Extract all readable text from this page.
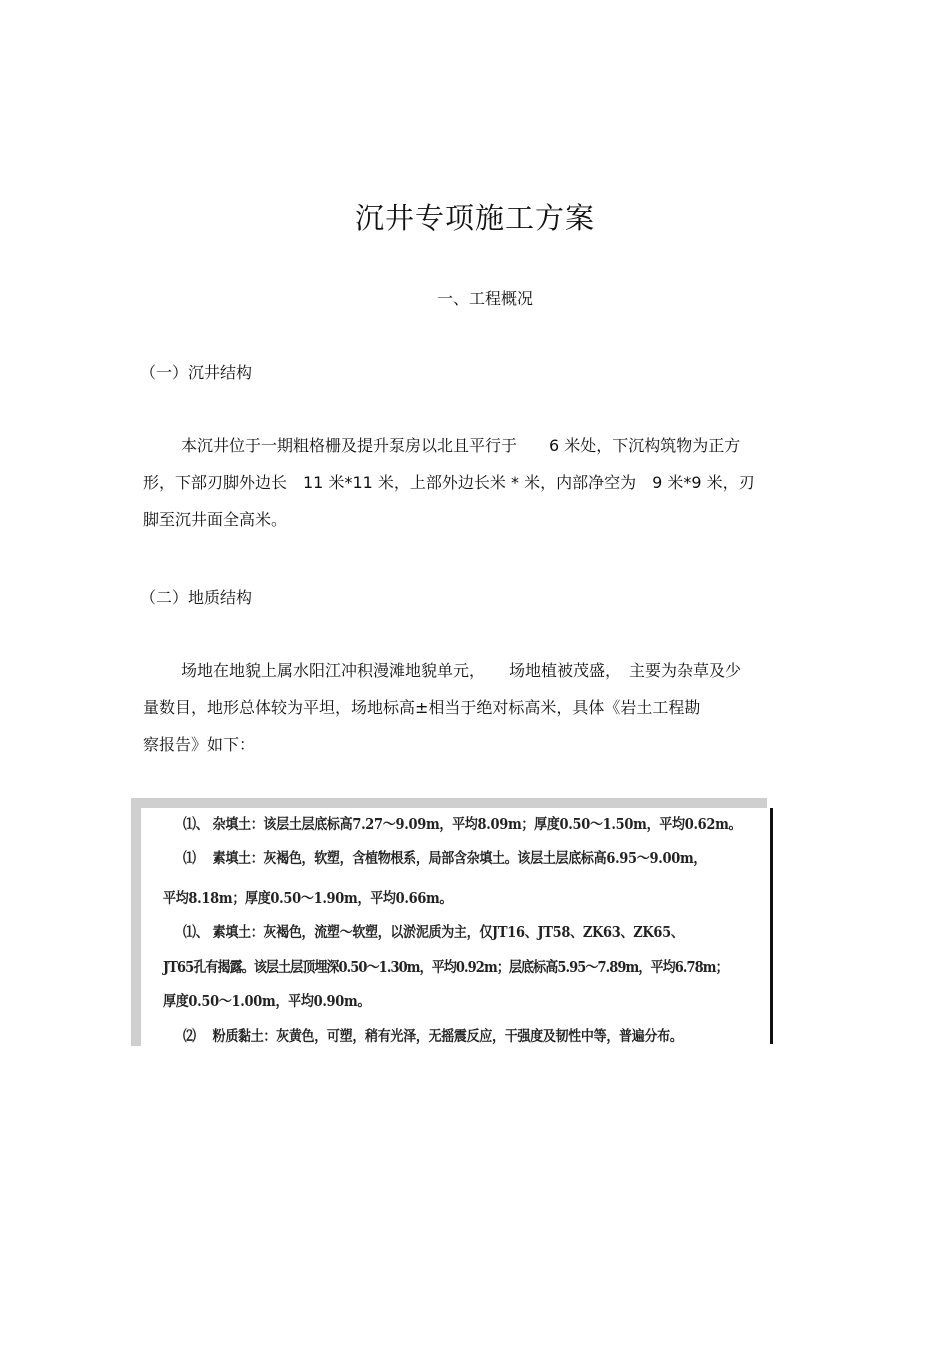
沉井专项施工方案
一、工程概况
（一）沉井结构
本沉井位于一期粗格栅及提升泵房以北且平行于　　6 米处，下沉构筑物为正方
形，下部刃脚外边长　11 米*11 米，上部外边长米 * 米，内部净空为　9 米*9 米，刃
脚至沉井面全高米。
（二）地质结构
场地在地貌上属水阳江冲积漫滩地貌单元，　　场地植被茂盛，　主要为杂草及少
量数目，地形总体较为平坦，场地标高±相当于绝对标高米，具体《岩土工程勘
察报告》如下：
⑴、 杂填土：该层土层底标高7.27～9.09m，平均8.09m；厚度0.50～1.50m，平均0.62m。
⑴　 素填土：灰褐色，软塑，含植物根系，局部含杂填土。该层土层底标高6.95～9.00m，
平均8.18m；厚度0.50～1.90m，平均0.66m。
⑴、 素填土：灰褐色，流塑～软塑，以淤泥质为主，仅JT16、JT58、ZK63、ZK65、
JT65孔有揭露。该层土层顶埋深0.50～1.30m，平均0.92m；层底标高5.95～7.89m，平均6.78m；
厚度0.50～1.00m，平均0.90m。
⑵　 粉质黏土：灰黄色，可塑，稍有光泽，无摇震反应，干强度及韧性中等，普遍分布。
